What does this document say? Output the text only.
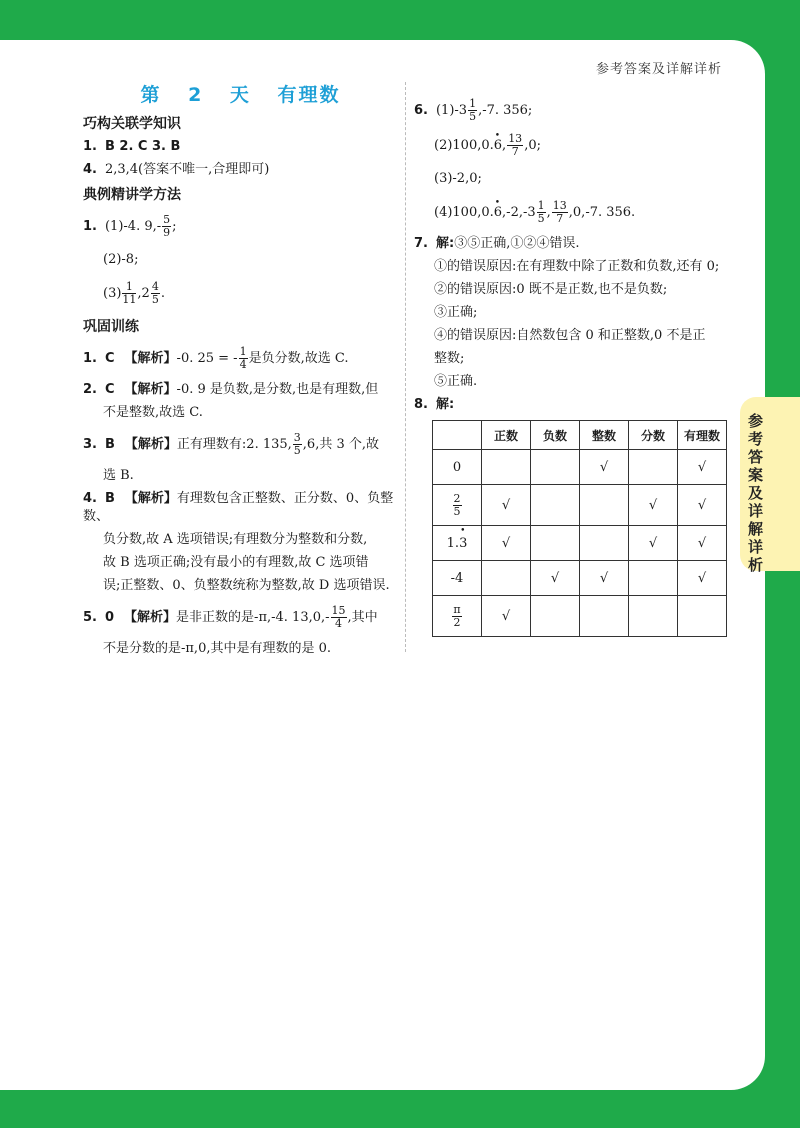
参考答案及详解详析
参考答案及详解详析
第 2 天 有理数
巧构关联学知识
1. B 2. C 3. B
4. 2,3,4(答案不唯一,合理即可)
典例精讲学方法
1. (1)-4. $9,- \frac{5}{9}$ ;
(2)-8;
$(3) \frac{1}{11} ,2 \frac{4}{5}$ .
巩固训练
1. C 【解析】-0. 25 = - $\frac{1}{4}$ 是负分数,故选 C.
2. C 【解析】-0. 9 是负数,是分数,也是有理数,但
不是整数,故选 C.
3. B 【解析】正有理数有:2. 135, $\frac{3}{5} ,6$,共 3 个,故
选 B.
4. B 【解析】有理数包含正整数、正分数、0、负整数、
负分数,故 A 选项错误;有理数分为整数和分数,
故 B 选项正确;没有最小的有理数,故 C 选项错
误;正整数、0、负整数统称为整数,故 D 选项错误.
5. 0 【解析】是非正数的是-π,-4. $13,0,- \frac{15}{4}$ ,其中
不是分数的是-π,0,其中是有理数的是 0.
6. $(1)-3 \frac{1}{5} ,-7$. 356;
(2)100,0.• 6, $\frac{13}{7} ,0$;
(3)-2,0;
(4)100,0.• $6,-2,-3 \frac{1}{5}$ , $\frac{13}{7} ,0,-7$. 356.
7. 解:③⑤正确,①②④错误.
①的错误原因:在有理数中除了正数和负数,还有 0;
②的错误原因:0 既不是正数,也不是负数;
③正确;
④的错误原因:自然数包含 0 和正整数,0 不是正
整数;
⑤正确.
8. 解:
	正数	负数	整数	分数	有理数
0			√		√

$\frac{2}{5}$	√			√	√
1.• 3	√			√	√
-4		√	√		√

$\frac{\pi}{2}$	√				
